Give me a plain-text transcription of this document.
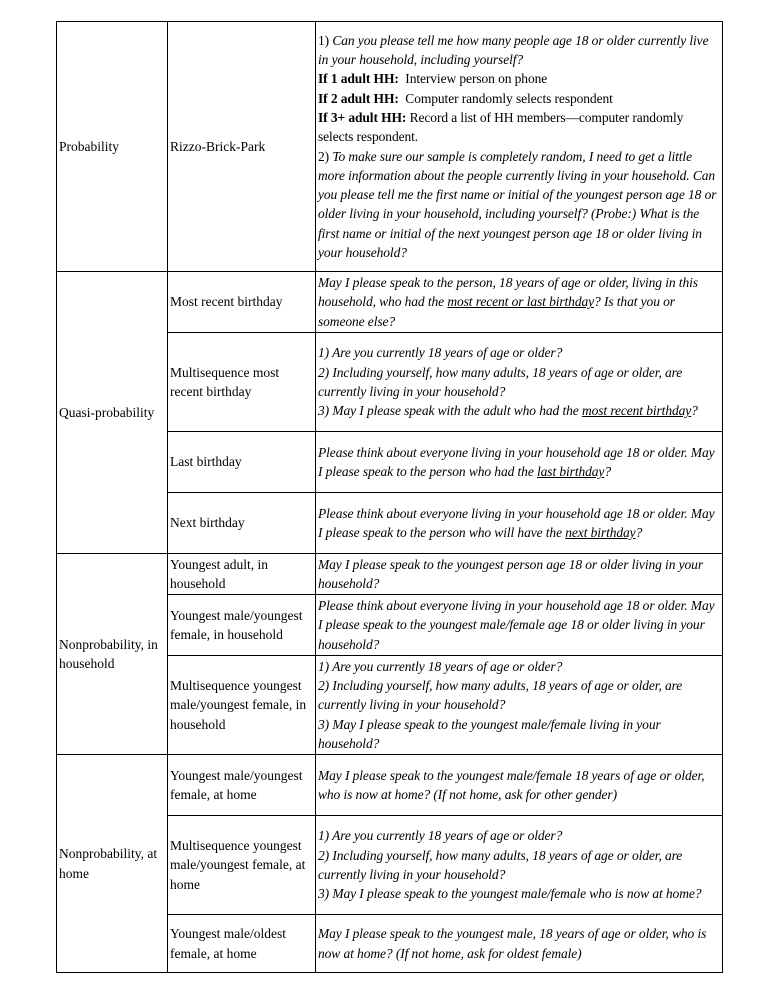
Probability	Rizzo-Brick-Park	1) Can you please tell me how many people age 18 or older currently live in your household, including yourself?
If 1 adult HH: Interview person on phone
If 2 adult HH: Computer randomly selects respondent
If 3+ adult HH: Record a list of HH members—computer randomly selects respondent.
2) To make sure our sample is completely random, I need to get a little more information about the people currently living in your household. Can you please tell me the first name or initial of the youngest person age 18 or older living in your household, including yourself? (Probe:) What is the first name or initial of the next youngest person age 18 or older living in your household?
Quasi-probability	Most recent birthday	May I please speak to the person, 18 years of age or older, living in this household, who had the most recent or last birthday? Is that you or someone else?
	Multisequence most recent birthday	1) Are you currently 18 years of age or older?
2) Including yourself, how many adults, 18 years of age or older, are currently living in your household?
3) May I please speak with the adult who had the most recent birthday?

	Last birthday	Please think about everyone living in your household age 18 or older. May I please speak to the person who had the last birthday?
	Next birthday	Please think about everyone living in your household age 18 or older. May I please speak to the person who will have the next birthday?
Nonprobability, in household	Youngest adult, in household	May I please speak to the youngest person age 18 or older living in your household?
	Youngest male/youngest female, in household	Please think about everyone living in your household age 18 or older. May I please speak to the youngest male/female age 18 or older living in your household?
	Multisequence youngest male/youngest female, in household	1) Are you currently 18 years of age or older?
2) Including yourself, how many adults, 18 years of age or older, are currently living in your household?
3) May I please speak to the youngest male/female living in your household?

Nonprobability, at home	Youngest male/youngest female, at home	May I please speak to the youngest male/female 18 years of age or older, who is now at home? (If not home, ask for other gender)
	Multisequence youngest male/youngest female, at home	1) Are you currently 18 years of age or older?
2) Including yourself, how many adults, 18 years of age or older, are currently living in your household?
3) May I please speak to the youngest male/female who is now at home?

	Youngest male/oldest female, at home	May I please speak to the youngest male, 18 years of age or older, who is now at home? (If not home, ask for oldest female)
